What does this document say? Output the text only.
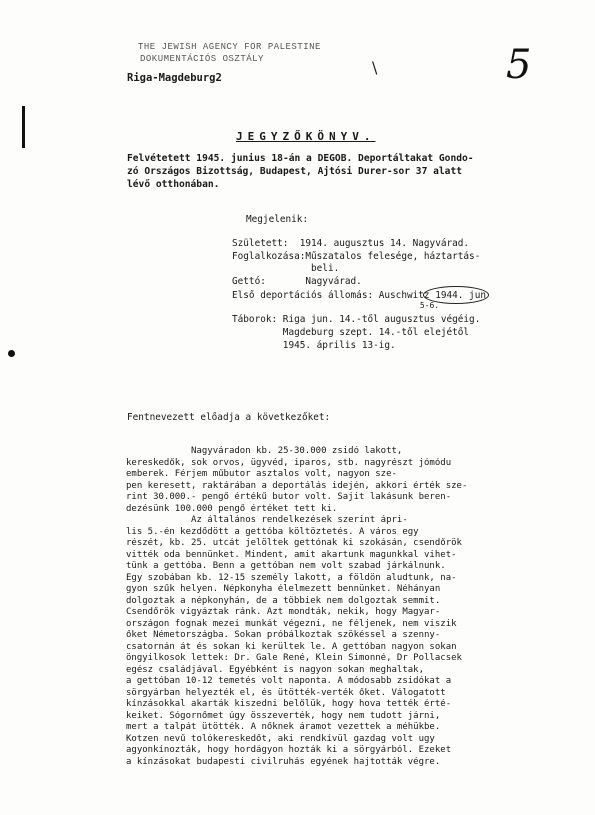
THE JEWISH AGENCY FOR PALESTINE
DOKUMENTÁCIÓS OSZTÁLY
Riga-Magdeburg2
\	5
JEGYZŐKÖNYV.
Felvétetett 1945. junius 18-án a DEGOB. Deportáltakat Gondo-
zó Országos Bizottság, Budapest, Ajtósi Durer-sor 37 alatt
lévő otthonában.
Megjelenik:
Született:  1914. augusztus 14. Nagyvárad.
Foglalkozása:Műszatalos felesége, háztartás-
beli.
Gettó:       Nagyvárad.
Első deportációs állomás: Auschwitz 1944. jun
5-6.
Táborok: Riga jun. 14.-től augusztus végéig.
Magdeburg szept. 14.-től elejétől
1945. április 13-ig.
Fentnevezett előadja a következőket:
Nagyváradon kb. 25-30.000 zsidó lakott,
kereskedők, sok orvos, ügyvéd, iparos, stb. nagyrészt jómódu
emberek. Férjem műbutor asztalos volt, nagyon sze-
pen keresett, raktárában a deportálás idején, akkori érték sze-
rint 30.000.- pengő értékű butor volt. Sajit lakásunk beren-
dezésünk 100.000 pengő értéket tett ki.
Az általános rendelkezések szerint ápri-
lis 5.-én kezdődött a gettóba költöztetés. A város egy
részét, kb. 25. utcát jelöltek gettónak ki szokásán, csendőrök
vitték oda bennünket. Mindent, amit akartunk magunkkal vihet-
tünk a gettóba. Benn a gettóban nem volt szabad járkálnunk.
Egy szobában kb. 12-15 személy lakott, a földön aludtunk, na-
gyon szűk helyen. Népkonyha élelmezett bennünket. Néhányan
dolgoztak a népkonyhán, de a többiek nem dolgoztak semmit.
Csendőrök vigyáztak ránk. Azt mondták, nekik, hogy Magyar-
országon fognak mezei munkát végezni, ne féljenek, nem viszik
őket Németországba. Sokan próbálkoztak szökéssel a szenny-
csatornán át és sokan ki kerültek le. A gettóban nagyon sokan
öngyilkosok lettek: Dr. Gale René, Klein Simonné, Dr Pollacsek
egész családjával. Egyébként is nagyon sokan meghaltak,
a gettóban 10-12 temetés volt naponta. A módosabb zsidókat a
sörgyárban helyezték el, és ütötték-verték őket. Válogatott
kínzásokkal akarták kiszedni belőlük, hogy hova tették érté-
keiket. Sógornőmet úgy összeverték, hogy nem tudott járni,
mert a talpát ütötték. A nőknek áramot vezettek a méhükbe.
Kotzen nevű tolókereskedőt, aki rendkívül gazdag volt ugy
agyonkínozták, hogy hordágyon hozták ki a sörgyárból. Ezeket
a kínzásokat budapesti civilruhás egyének hajtották végre.
